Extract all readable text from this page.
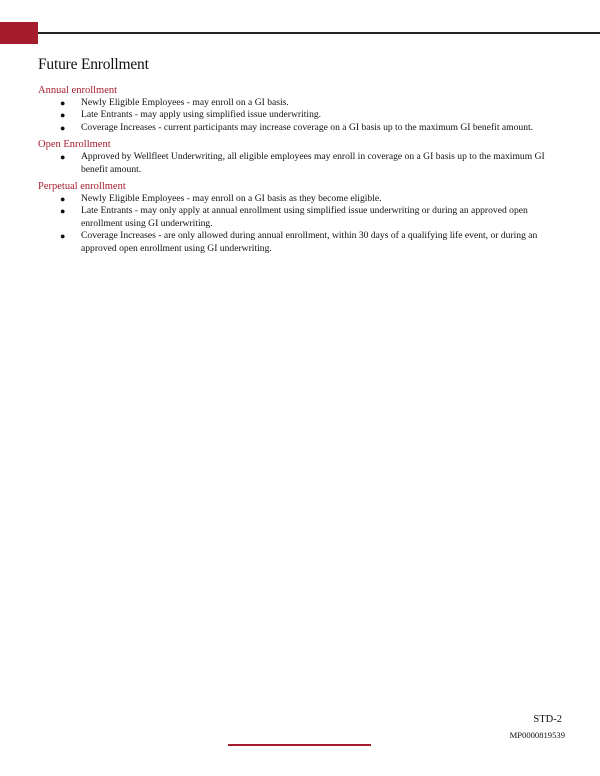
Future Enrollment

Annual enrollment

● Newly Eligible Employees - may enroll on a GI basis.
● Late Entrants - may apply using simplified issue underwriting.
● Coverage Increases - current participants may increase coverage on a GI basis up to the maximum GI benefit amount.

Open Enrollment

● Approved by Wellfleet Underwriting, all eligible employees may enroll in coverage on a GI basis up to the maximum GI benefit amount.

Perpetual enrollment

● Newly Eligible Employees - may enroll on a GI basis as they become eligible.
● Late Entrants - may only apply at annual enrollment using simplified issue underwriting or during an approved open enrollment using GI underwriting.
● Coverage Increases - are only allowed during annual enrollment, within 30 days of a qualifying life event, or during an approved open enrollment using GI underwriting.
STD-2
MP0000819539
